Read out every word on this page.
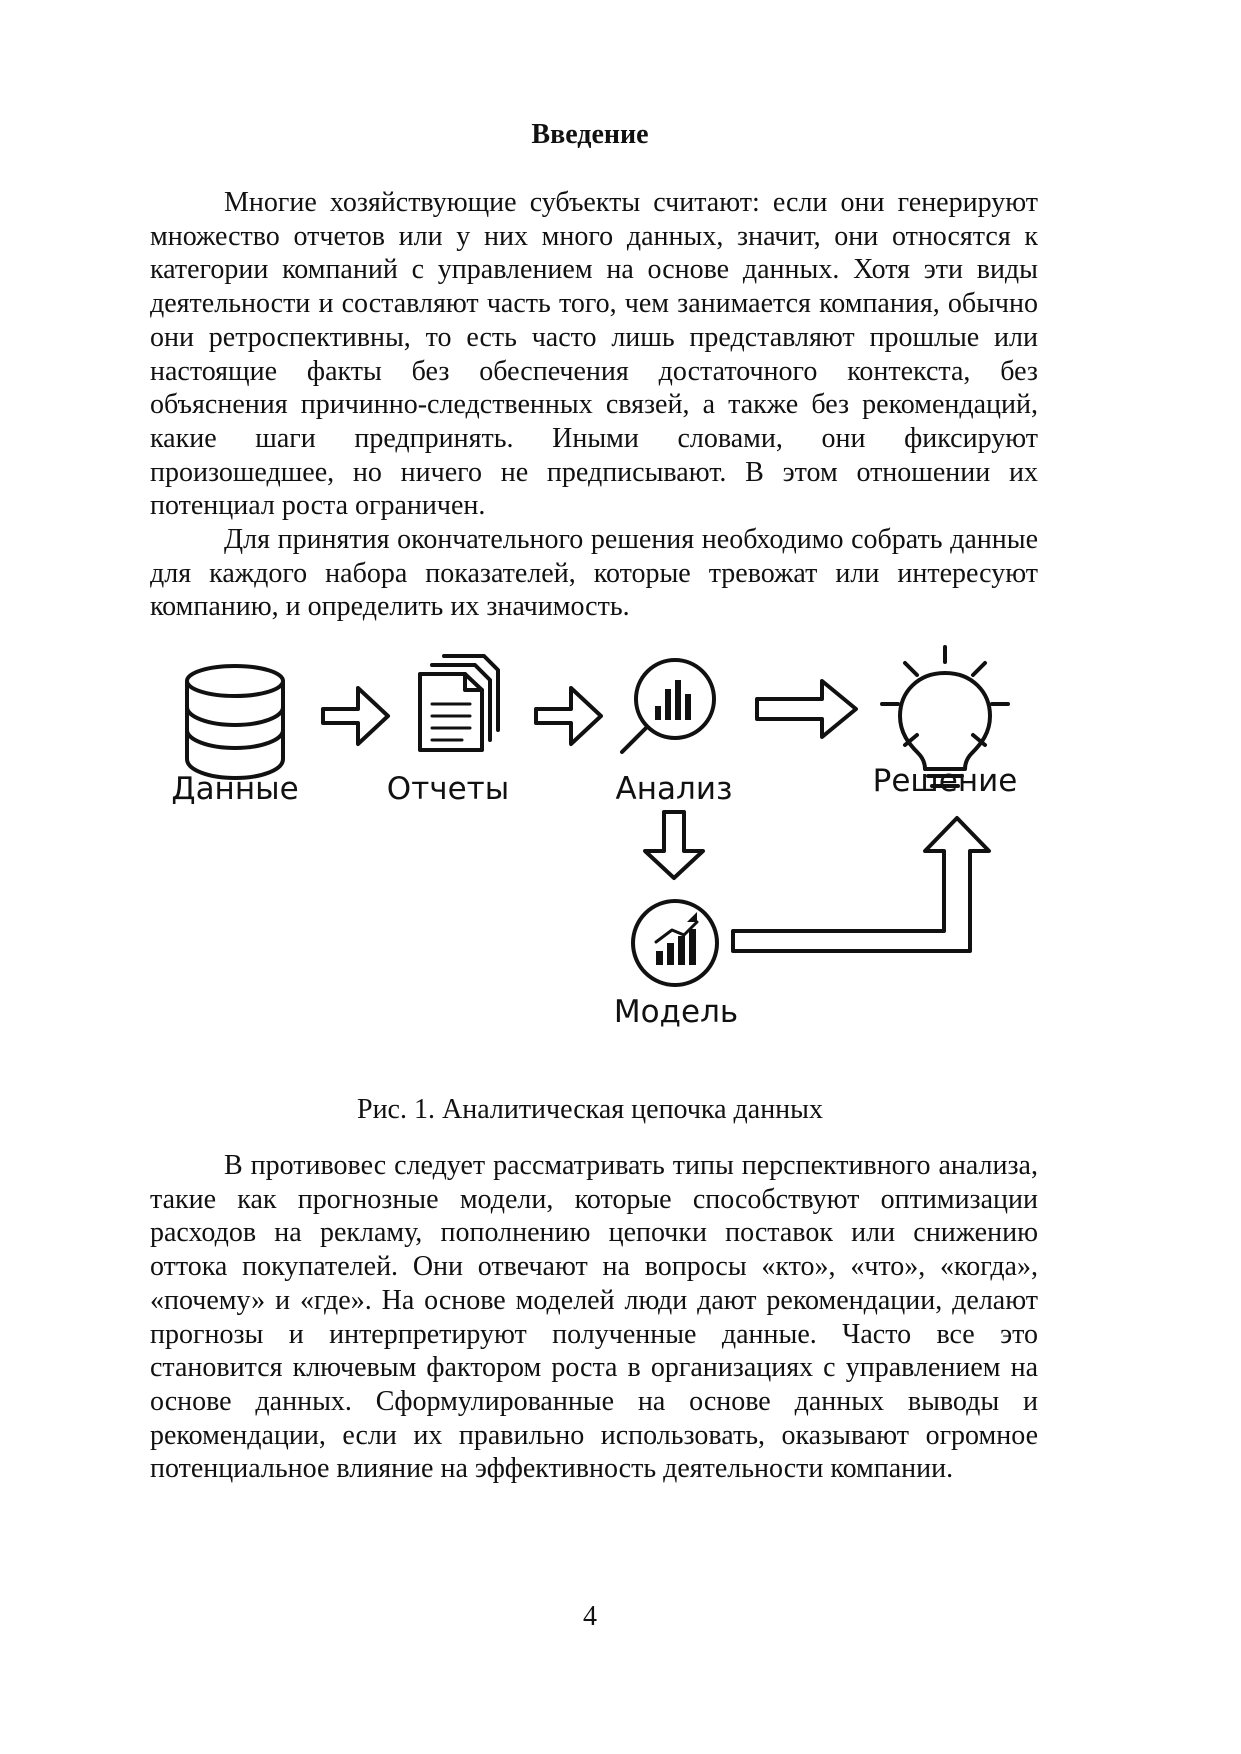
Введение

Многие хозяйствующие субъекты считают: если они генерируют множество отчетов или у них много данных, значит, они относятся к категории компаний с управлением на основе данных. Хотя эти виды деятельности и составляют часть того, чем занимается компания, обычно они ретроспективны, то есть часто лишь представляют прошлые или настоящие факты без обеспечения достаточного контекста, без объяснения причинно-следственных связей, а также без рекомендаций, какие шаги предпринять. Иными словами, они фиксируют произошедшее, но ничего не предписывают. В этом отношении их потенциал роста ограничен.

Для принятия окончательного решения необходимо собрать данные для каждого набора показателей, которые тревожат или интересуют компанию, и определить их значимость.

Данные	Отчеты	Анализ	Решение
Модель
Рис. 1. Аналитическая цепочка данных

В противовес следует рассматривать типы перспективного анализа, такие как прогнозные модели, которые способствуют оптимизации расходов на рекламу, пополнению цепочки поставок или снижению оттока покупателей. Они отвечают на вопросы «кто», «что», «когда», «почему» и «где». На основе моделей люди дают рекомендации, делают прогнозы и интерпретируют полученные данные. Часто все это становится ключевым фактором роста в организациях с управлением на основе данных. Сформулированные на основе данных выводы и рекомендации, если их правильно использовать, оказывают огромное потенциальное влияние на эффективность деятельности компании.

4
